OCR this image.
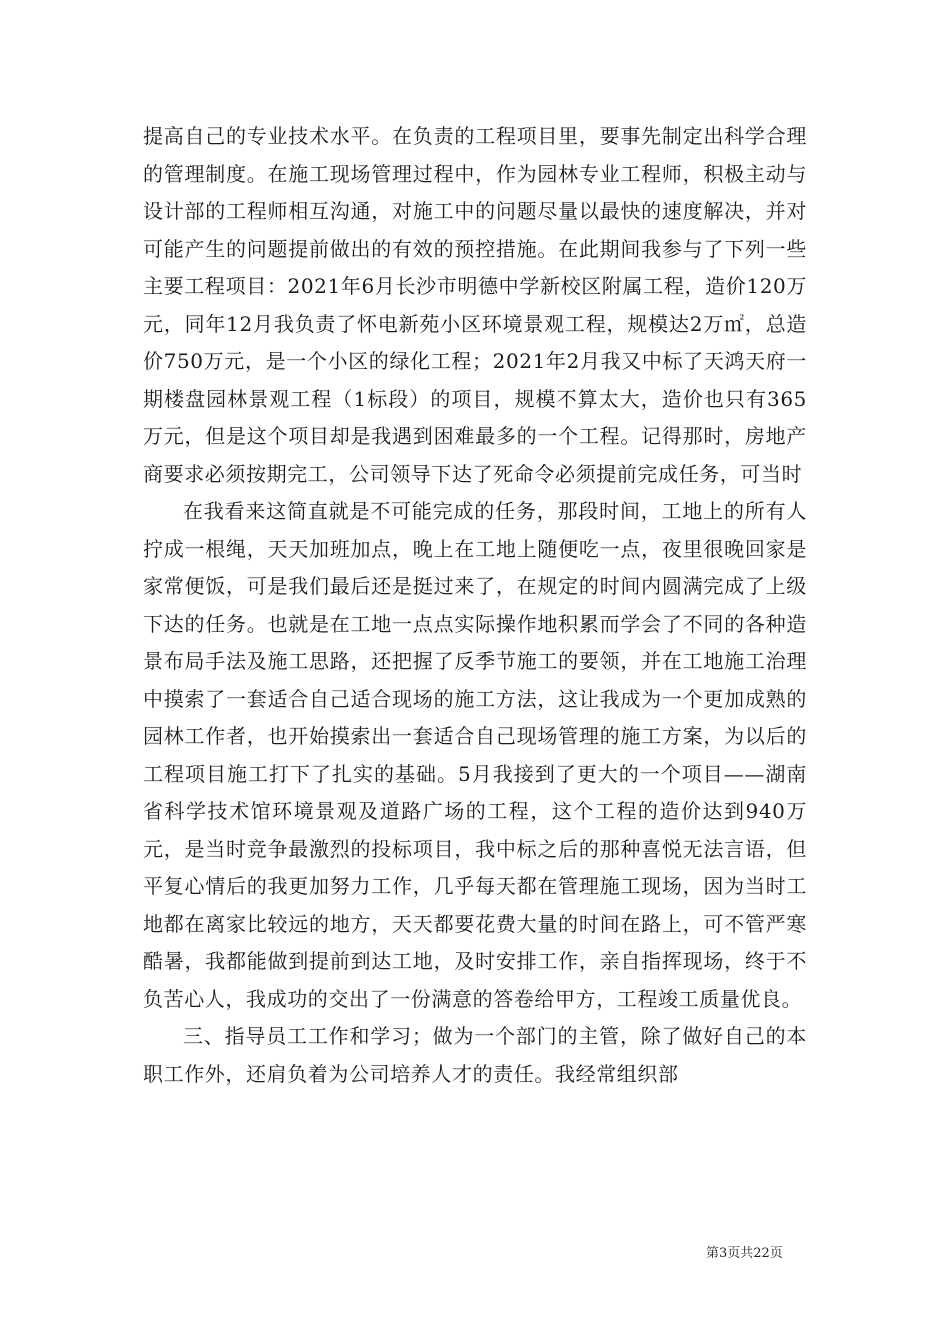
提高自己的专业技术水平。在负责的工程项目里，要事先制定出科学合理的管理制度。在施工现场管理过程中，作为园林专业工程师，积极主动与设计部的工程师相互沟通，对施工中的问题尽量以最快的速度解决，并对可能产生的问题提前做出的有效的预控措施。在此期间我参与了下列一些主要工程项目：2021年6月长沙市明德中学新校区附属工程，造价120万元，同年12月我负责了怀电新苑小区环境景观工程，规模达2万㎡，总造价750万元，是一个小区的绿化工程；2021年2月我又中标了天鸿天府一期楼盘园林景观工程（1标段）的项目，规模不算太大，造价也只有365万元，但是这个项目却是我遇到困难最多的一个工程。记得那时，房地产商要求必须按期完工，公司领导下达了死命令必须提前完成任务，可当时

在我看来这简直就是不可能完成的任务，那段时间，工地上的所有人拧成一根绳，天天加班加点，晚上在工地上随便吃一点，夜里很晚回家是家常便饭，可是我们最后还是挺过来了，在规定的时间内圆满完成了上级下达的任务。也就是在工地一点点实际操作地积累而学会了不同的各种造景布局手法及施工思路，还把握了反季节施工的要领，并在工地施工治理中摸索了一套适合自己适合现场的施工方法，这让我成为一个更加成熟的园林工作者，也开始摸索出一套适合自己现场管理的施工方案，为以后的工程项目施工打下了扎实的基础。5月我接到了更大的一个项目——湖南省科学技术馆环境景观及道路广场的工程，这个工程的造价达到940万元，是当时竞争最激烈的投标项目，我中标之后的那种喜悦无法言语，但平复心情后的我更加努力工作，几乎每天都在管理施工现场，因为当时工地都在离家比较远的地方，天天都要花费大量的时间在路上，可不管严寒酷暑，我都能做到提前到达工地，及时安排工作，亲自指挥现场，终于不负苦心人，我成功的交出了一份满意的答卷给甲方，工程竣工质量优良。

三、指导员工工作和学习；做为一个部门的主管，除了做好自己的本职工作外，还肩负着为公司培养人才的责任。我经常组织部

第3页共22页
